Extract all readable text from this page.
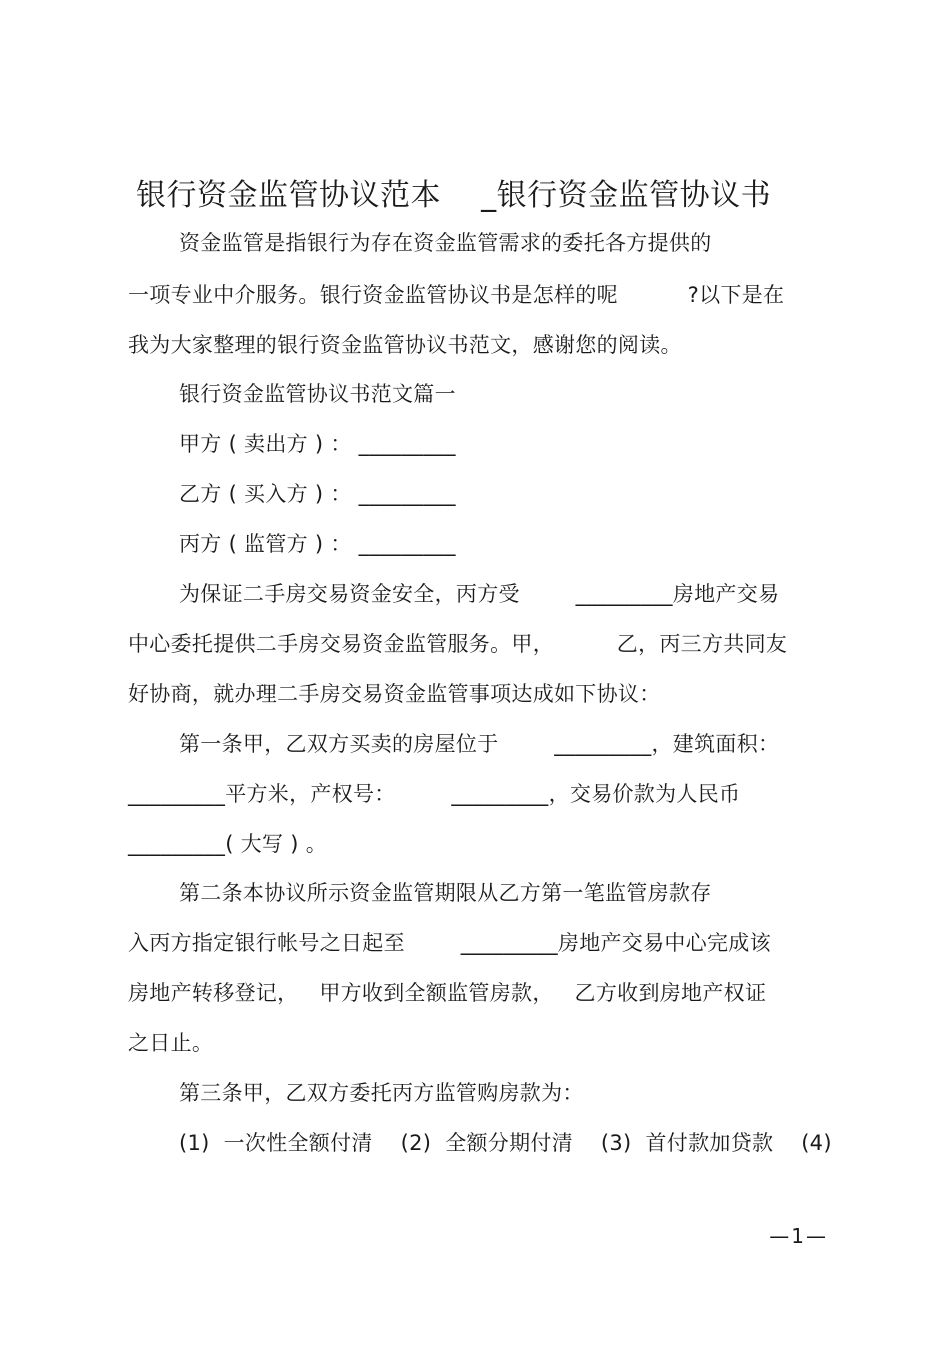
银行资金监管协议范本    _银行资金监管协议书
资金监管是指银行为存在资金监管需求的委托各方提供的
一项专业中介服务。银行资金监管协议书是怎样的呢          ?以下是在
我为大家整理的银行资金监管协议书范文，感谢您的阅读。
银行资金监管协议书范文篇一
甲方 ( 卖出方 ) ： _________
乙方 ( 买入方 ) ： _________
丙方 ( 监管方 ) ： _________
为保证二手房交易资金安全，丙方受        _________房地产交易
中心委托提供二手房交易资金监管服务。甲，         乙，丙三方共同友
好协商，就办理二手房交易资金监管事项达成如下协议：
第一条甲，乙双方买卖的房屋位于        _________，建筑面积：
_________平方米，产权号：        _________，交易价款为人民币
_________( 大写 ) 。
第二条本协议所示资金监管期限从乙方第一笔监管房款存
入丙方指定银行帐号之日起至        _________房地产交易中心完成该
房地产转移登记，   甲方收到全额监管房款，   乙方收到房地产权证
之日止。
第三条甲，乙双方委托丙方监管购房款为：
(1)  一次性全额付清    (2)  全额分期付清    (3)  首付款加贷款    (4)
—1—
